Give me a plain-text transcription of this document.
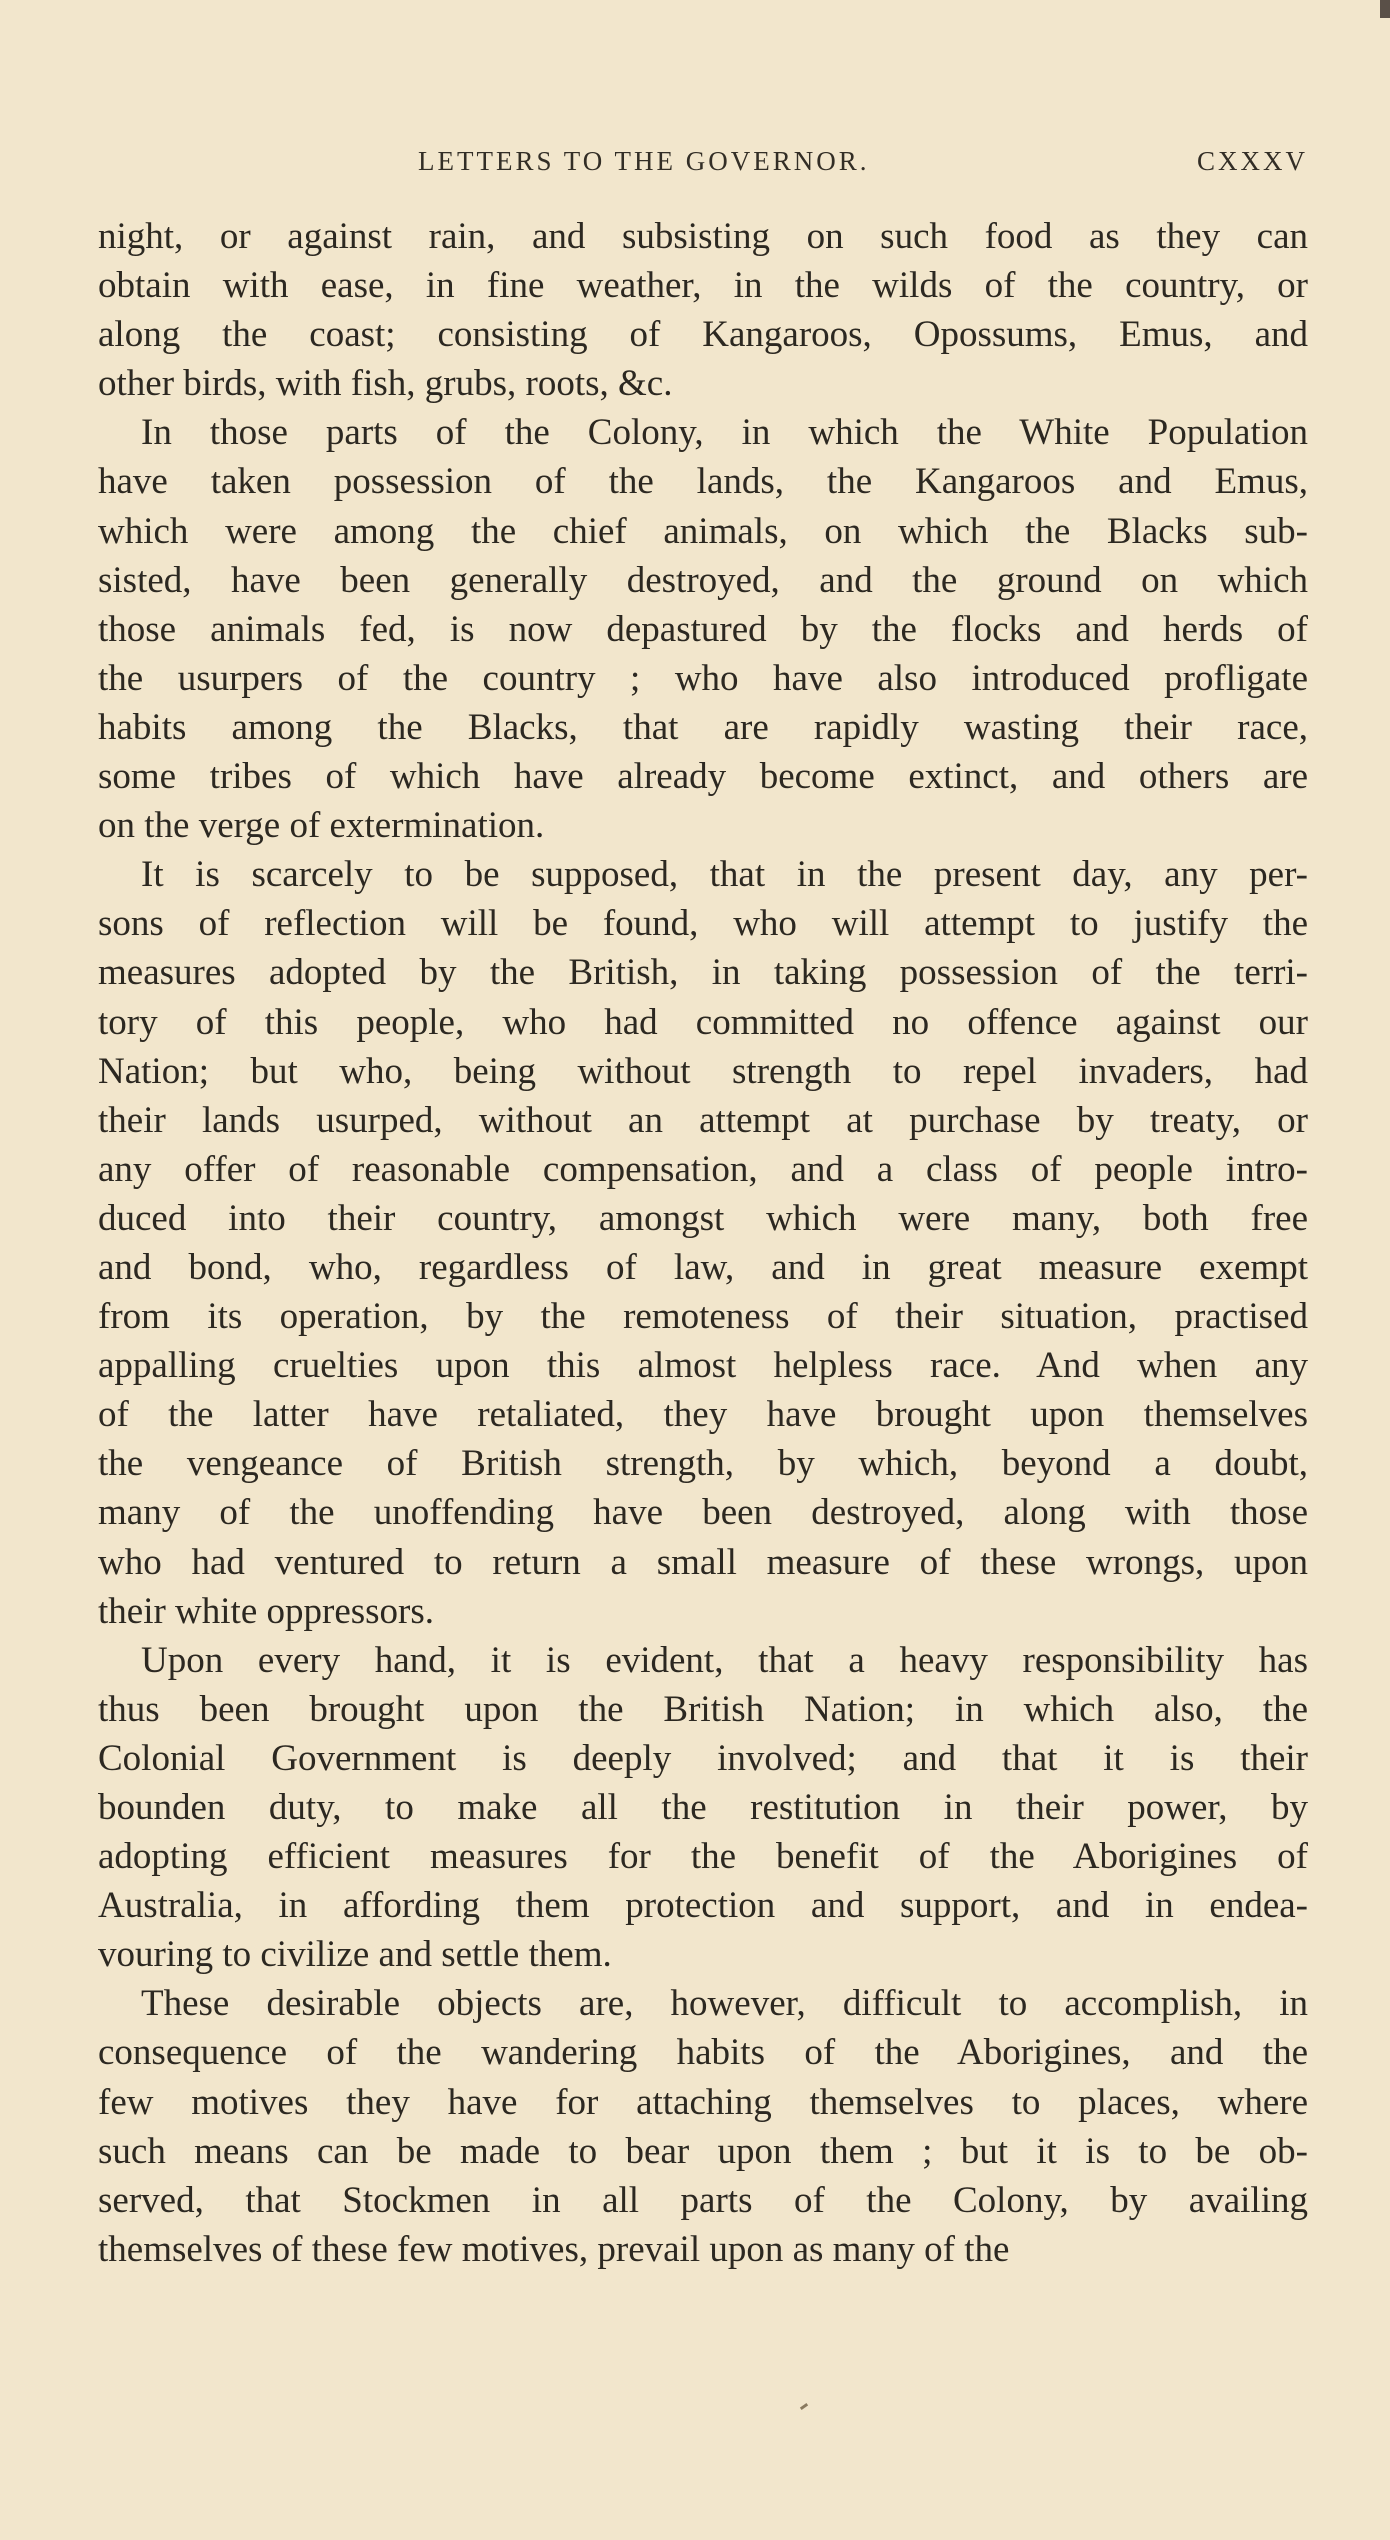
LETTERS TO THE GOVERNOR.	CXXXV
night, or against rain, and subsisting on such food as they can
obtain with ease, in fine weather, in the wilds of the country, or
along the coast; consisting of Kangaroos, Opossums, Emus, and
other birds, with fish, grubs, roots, &c.
In those parts of the Colony, in which the White Population
have taken possession of the lands, the Kangaroos and Emus,
which were among the chief animals, on which the Blacks sub-
sisted, have been generally destroyed, and the ground on which
those animals fed, is now depastured by the flocks and herds of
the usurpers of the country ; who have also introduced profligate
habits among the Blacks, that are rapidly wasting their race,
some tribes of which have already become extinct, and others are
on the verge of extermination.
It is scarcely to be supposed, that in the present day, any per-
sons of reflection will be found, who will attempt to justify the
measures adopted by the British, in taking possession of the terri-
tory of this people, who had committed no offence against our
Nation; but who, being without strength to repel invaders, had
their lands usurped, without an attempt at purchase by treaty, or
any offer of reasonable compensation, and a class of people intro-
duced into their country, amongst which were many, both free
and bond, who, regardless of law, and in great measure exempt
from its operation, by the remoteness of their situation, practised
appalling cruelties upon this almost helpless race. And when any
of the latter have retaliated, they have brought upon themselves
the vengeance of British strength, by which, beyond a doubt,
many of the unoffending have been destroyed, along with those
who had ventured to return a small measure of these wrongs, upon
their white oppressors.
Upon every hand, it is evident, that a heavy responsibility has
thus been brought upon the British Nation; in which also, the
Colonial Government is deeply involved; and that it is their
bounden duty, to make all the restitution in their power, by
adopting efficient measures for the benefit of the Aborigines of
Australia, in affording them protection and support, and in endea-
vouring to civilize and settle them.
These desirable objects are, however, difficult to accomplish, in
consequence of the wandering habits of the Aborigines, and the
few motives they have for attaching themselves to places, where
such means can be made to bear upon them ; but it is to be ob-
served, that Stockmen in all parts of the Colony, by availing
themselves of these few motives, prevail upon as many of the
